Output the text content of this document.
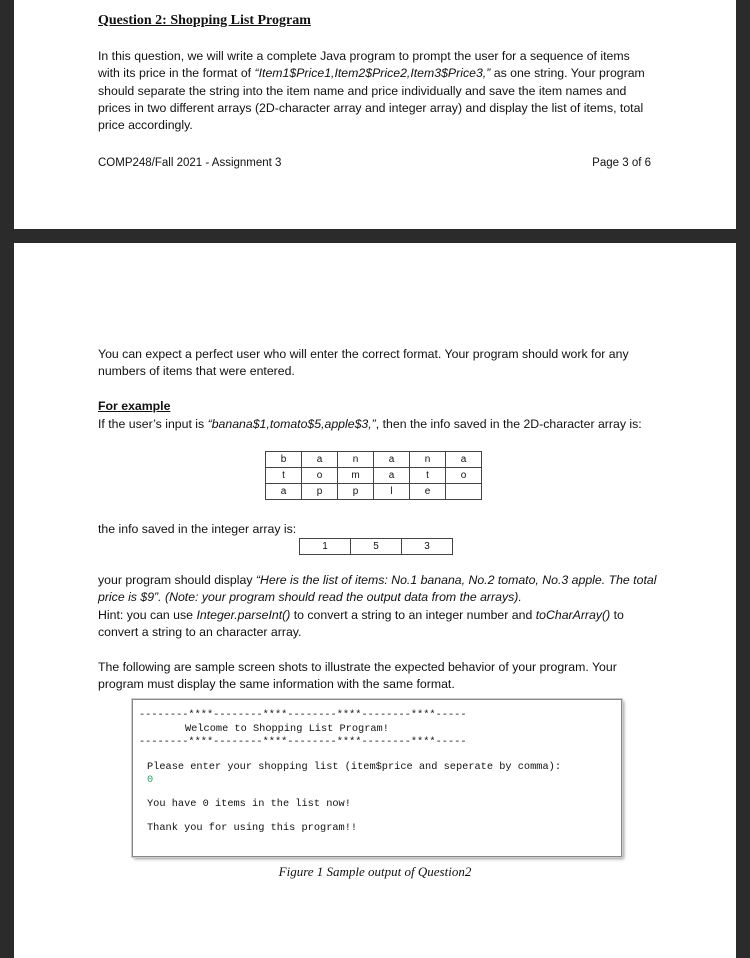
Question 2: Shopping List Program
In this question, we will write a complete Java program to prompt the user for a sequence of items with its price in the format of “Item1$Price1,Item2$Price2,Item3$Price3,” as one string. Your program should separate the string into the item name and price individually and save the item names and prices in two different arrays (2D-character array and integer array) and display the list of items, total price accordingly.
COMP248/Fall 2021 - Assignment 3	Page 3 of 6
You can expect a perfect user who will enter the correct format. Your program should work for any numbers of items that were entered.
For example
If the user’s input is “banana$1,tomato$5,apple$3,”, then the info saved in the 2D-character array is:
b	a	n	a	n	a
t	o	m	a	t	o
a	p	p	l	e	
the info saved in the integer array is:
1	5	3
your program should display “Here is the list of items: No.1 banana, No.2 tomato, No.3 apple. The total price is $9”. (Note: your program should read the output data from the arrays).
Hint: you can use Integer.parseInt() to convert a string to an integer number and toCharArray() to convert a string to an character array.
The following are sample screen shots to illustrate the expected behavior of your program. Your program must display the same information with the same format.
--------****--------****--------****--------****-----
Welcome to Shopping List Program!
--------****--------****--------****--------****-----
Please enter your shopping list (item$price and seperate by comma):
0
You have 0 items in the list now!
Thank you for using this program!!
Figure 1 Sample output of Question2
